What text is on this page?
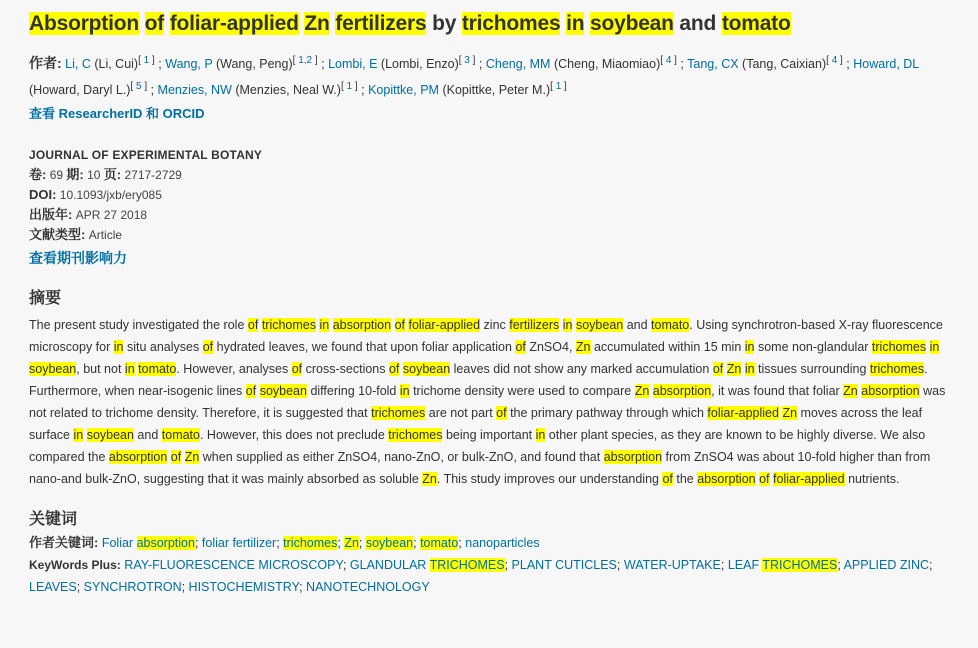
Absorption of foliar-applied Zn fertilizers by trichomes in soybean and tomato
作者: Li, C (Li, Cui)[ 1 ] ; Wang, P (Wang, Peng)[ 1,2 ] ; Lombi, E (Lombi, Enzo)[ 3 ] ; Cheng, MM (Cheng, Miaomiao)[ 4 ] ; Tang, CX (Tang, Caixian)[ 4 ] ; Howard, DL (Howard, Daryl L.)[ 5 ] ; Menzies, NW (Menzies, Neal W.)[ 1 ] ; Kopittke, PM (Kopittke, Peter M.)[ 1 ]
查看 ResearcherID 和 ORCID
JOURNAL OF EXPERIMENTAL BOTANY
卷: 69 期: 10 页: 2717-2729
DOI: 10.1093/jxb/ery085
出版年: APR 27 2018
文献类型: Article
查看期刊影响力
摘要
The present study investigated the role of trichomes in absorption of foliar-applied zinc fertilizers in soybean and tomato. Using synchrotron-based X-ray fluorescence microscopy for in situ analyses of hydrated leaves, we found that upon foliar application of ZnSO4, Zn accumulated within 15 min in some non-glandular trichomes in soybean, but not in tomato. However, analyses of cross-sections of soybean leaves did not show any marked accumulation of Zn in tissues surrounding trichomes. Furthermore, when near-isogenic lines of soybean differing 10-fold in trichome density were used to compare Zn absorption, it was found that foliar Zn absorption was not related to trichome density. Therefore, it is suggested that trichomes are not part of the primary pathway through which foliar-applied Zn moves across the leaf surface in soybean and tomato. However, this does not preclude trichomes being important in other plant species, as they are known to be highly diverse. We also compared the absorption of Zn when supplied as either ZnSO4, nano-ZnO, or bulk-ZnO, and found that absorption from ZnSO4 was about 10-fold higher than from nano-and bulk-ZnO, suggesting that it was mainly absorbed as soluble Zn. This study improves our understanding of the absorption of foliar-applied nutrients.
关键词
作者关键词: Foliar absorption; foliar fertilizer; trichomes; Zn; soybean; tomato; nanoparticles
KeyWords Plus: RAY-FLUORESCENCE MICROSCOPY; GLANDULAR TRICHOMES; PLANT CUTICLES; WATER-UPTAKE; LEAF TRICHOMES; APPLIED ZINC; LEAVES; SYNCHROTRON; HISTOCHEMISTRY; NANOTECHNOLOGY
